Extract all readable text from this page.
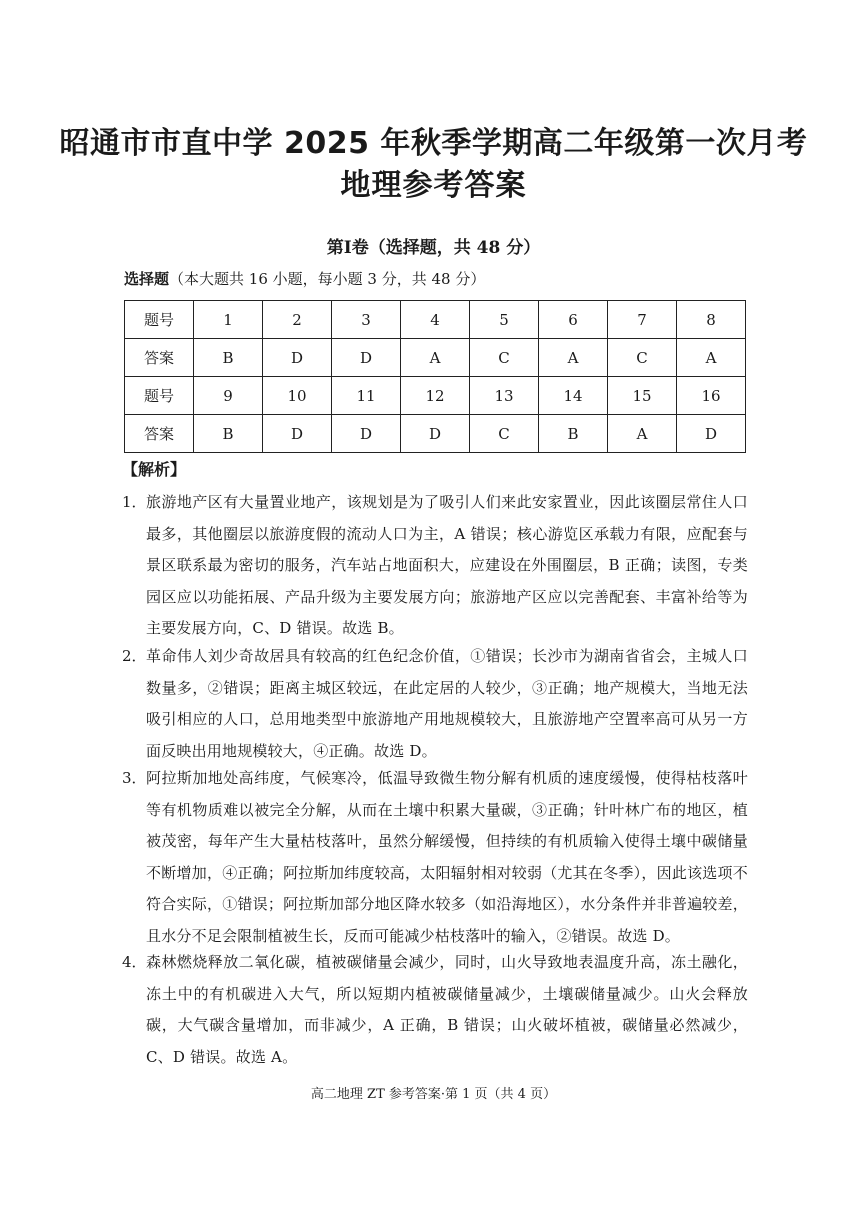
昭通市市直中学 2025 年秋季学期高二年级第一次月考
地理参考答案
第Ⅰ卷（选择题，共 48 分）
选择题（本大题共 16 小题，每小题 3 分，共 48 分）
题号	1	2	3	4	5	6	7	8
答案	B	D	D	A	C	A	C	A
题号	9	10	11	12	13	14	15	16
答案	B	D	D	D	C	B	A	D
【解析】
1． 旅游地产区有大量置业地产，该规划是为了吸引人们来此安家置业，因此该圈层常住人口最多，其他圈层以旅游度假的流动人口为主，A 错误；核心游览区承载力有限，应配套与景区联系最为密切的服务，汽车站占地面积大，应建设在外围圈层，B 正确；读图，专类园区应以功能拓展、产品升级为主要发展方向；旅游地产区应以完善配套、丰富补给等为主要发展方向，C、D 错误。故选 B。
2． 革命伟人刘少奇故居具有较高的红色纪念价值，①错误；长沙市为湖南省省会，主城人口数量多，②错误；距离主城区较远，在此定居的人较少，③正确；地产规模大，当地无法吸引相应的人口，总用地类型中旅游地产用地规模较大，且旅游地产空置率高可从另一方面反映出用地规模较大，④正确。故选 D。
3． 阿拉斯加地处高纬度，气候寒冷，低温导致微生物分解有机质的速度缓慢，使得枯枝落叶等有机物质难以被完全分解，从而在土壤中积累大量碳，③正确；针叶林广布的地区，植被茂密，每年产生大量枯枝落叶，虽然分解缓慢，但持续的有机质输入使得土壤中碳储量不断增加，④正确；阿拉斯加纬度较高，太阳辐射相对较弱（尤其在冬季），因此该选项不符合实际，①错误；阿拉斯加部分地区降水较多（如沿海地区），水分条件并非普遍较差，且水分不足会限制植被生长，反而可能减少枯枝落叶的输入，②错误。故选 D。
4． 森林燃烧释放二氧化碳，植被碳储量会减少，同时，山火导致地表温度升高，冻土融化，冻土中的有机碳进入大气，所以短期内植被碳储量减少，土壤碳储量减少。山火会释放碳，大气碳含量增加，而非减少，A 正确，B 错误；山火破坏植被，碳储量必然减少，C、D 错误。故选 A。
高二地理 ZT 参考答案·第 1 页（共 4 页）
